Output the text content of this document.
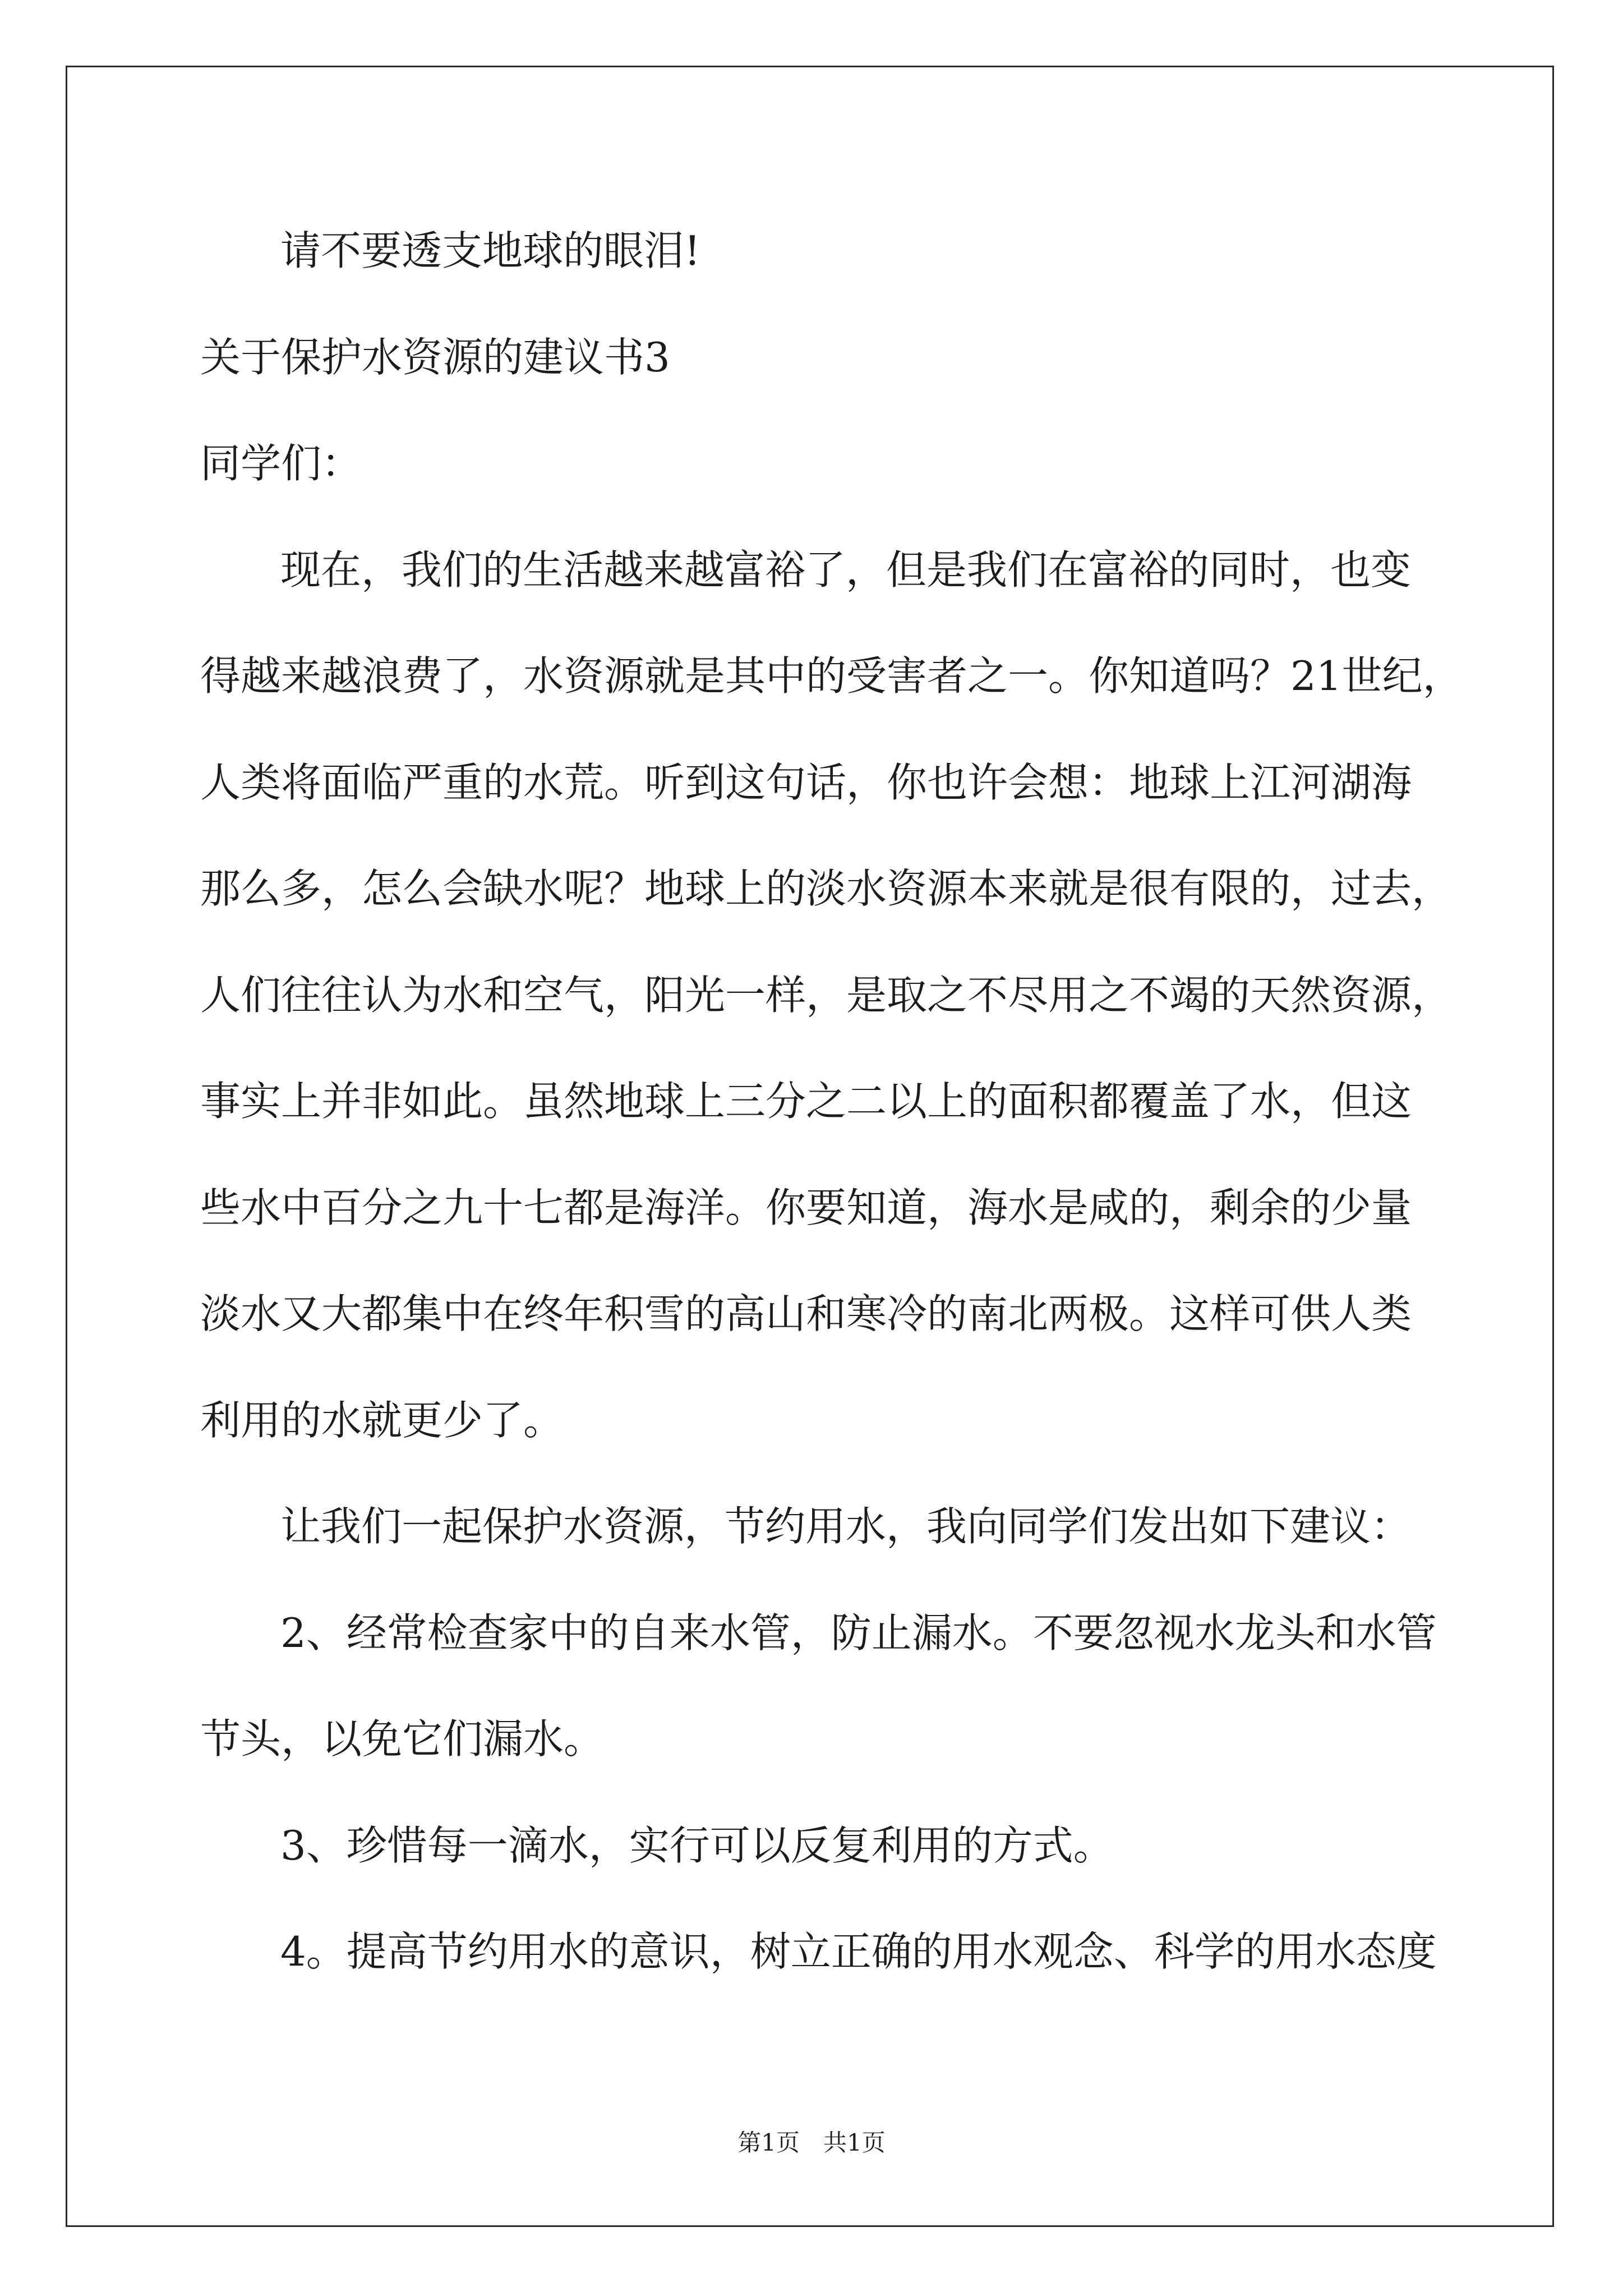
请不要透支地球的眼泪!
关于保护水资源的建议书3
同学们：
现在，我们的生活越来越富裕了，但是我们在富裕的同时，也变
得越来越浪费了，水资源就是其中的受害者之一。你知道吗？21世纪，
人类将面临严重的水荒。听到这句话，你也许会想：地球上江河湖海
那么多，怎么会缺水呢？地球上的淡水资源本来就是很有限的，过去，
人们往往认为水和空气，阳光一样，是取之不尽用之不竭的天然资源，
事实上并非如此。虽然地球上三分之二以上的面积都覆盖了水，但这
些水中百分之九十七都是海洋。你要知道，海水是咸的，剩余的少量
淡水又大都集中在终年积雪的高山和寒冷的南北两极。这样可供人类
利用的水就更少了。
让我们一起保护水资源，节约用水，我向同学们发出如下建议：
2、经常检查家中的自来水管，防止漏水。不要忽视水龙头和水管
节头，以免它们漏水。
3、珍惜每一滴水，实行可以反复利用的方式。
4。提高节约用水的意识，树立正确的用水观念、科学的用水态度
第1页　共1页
